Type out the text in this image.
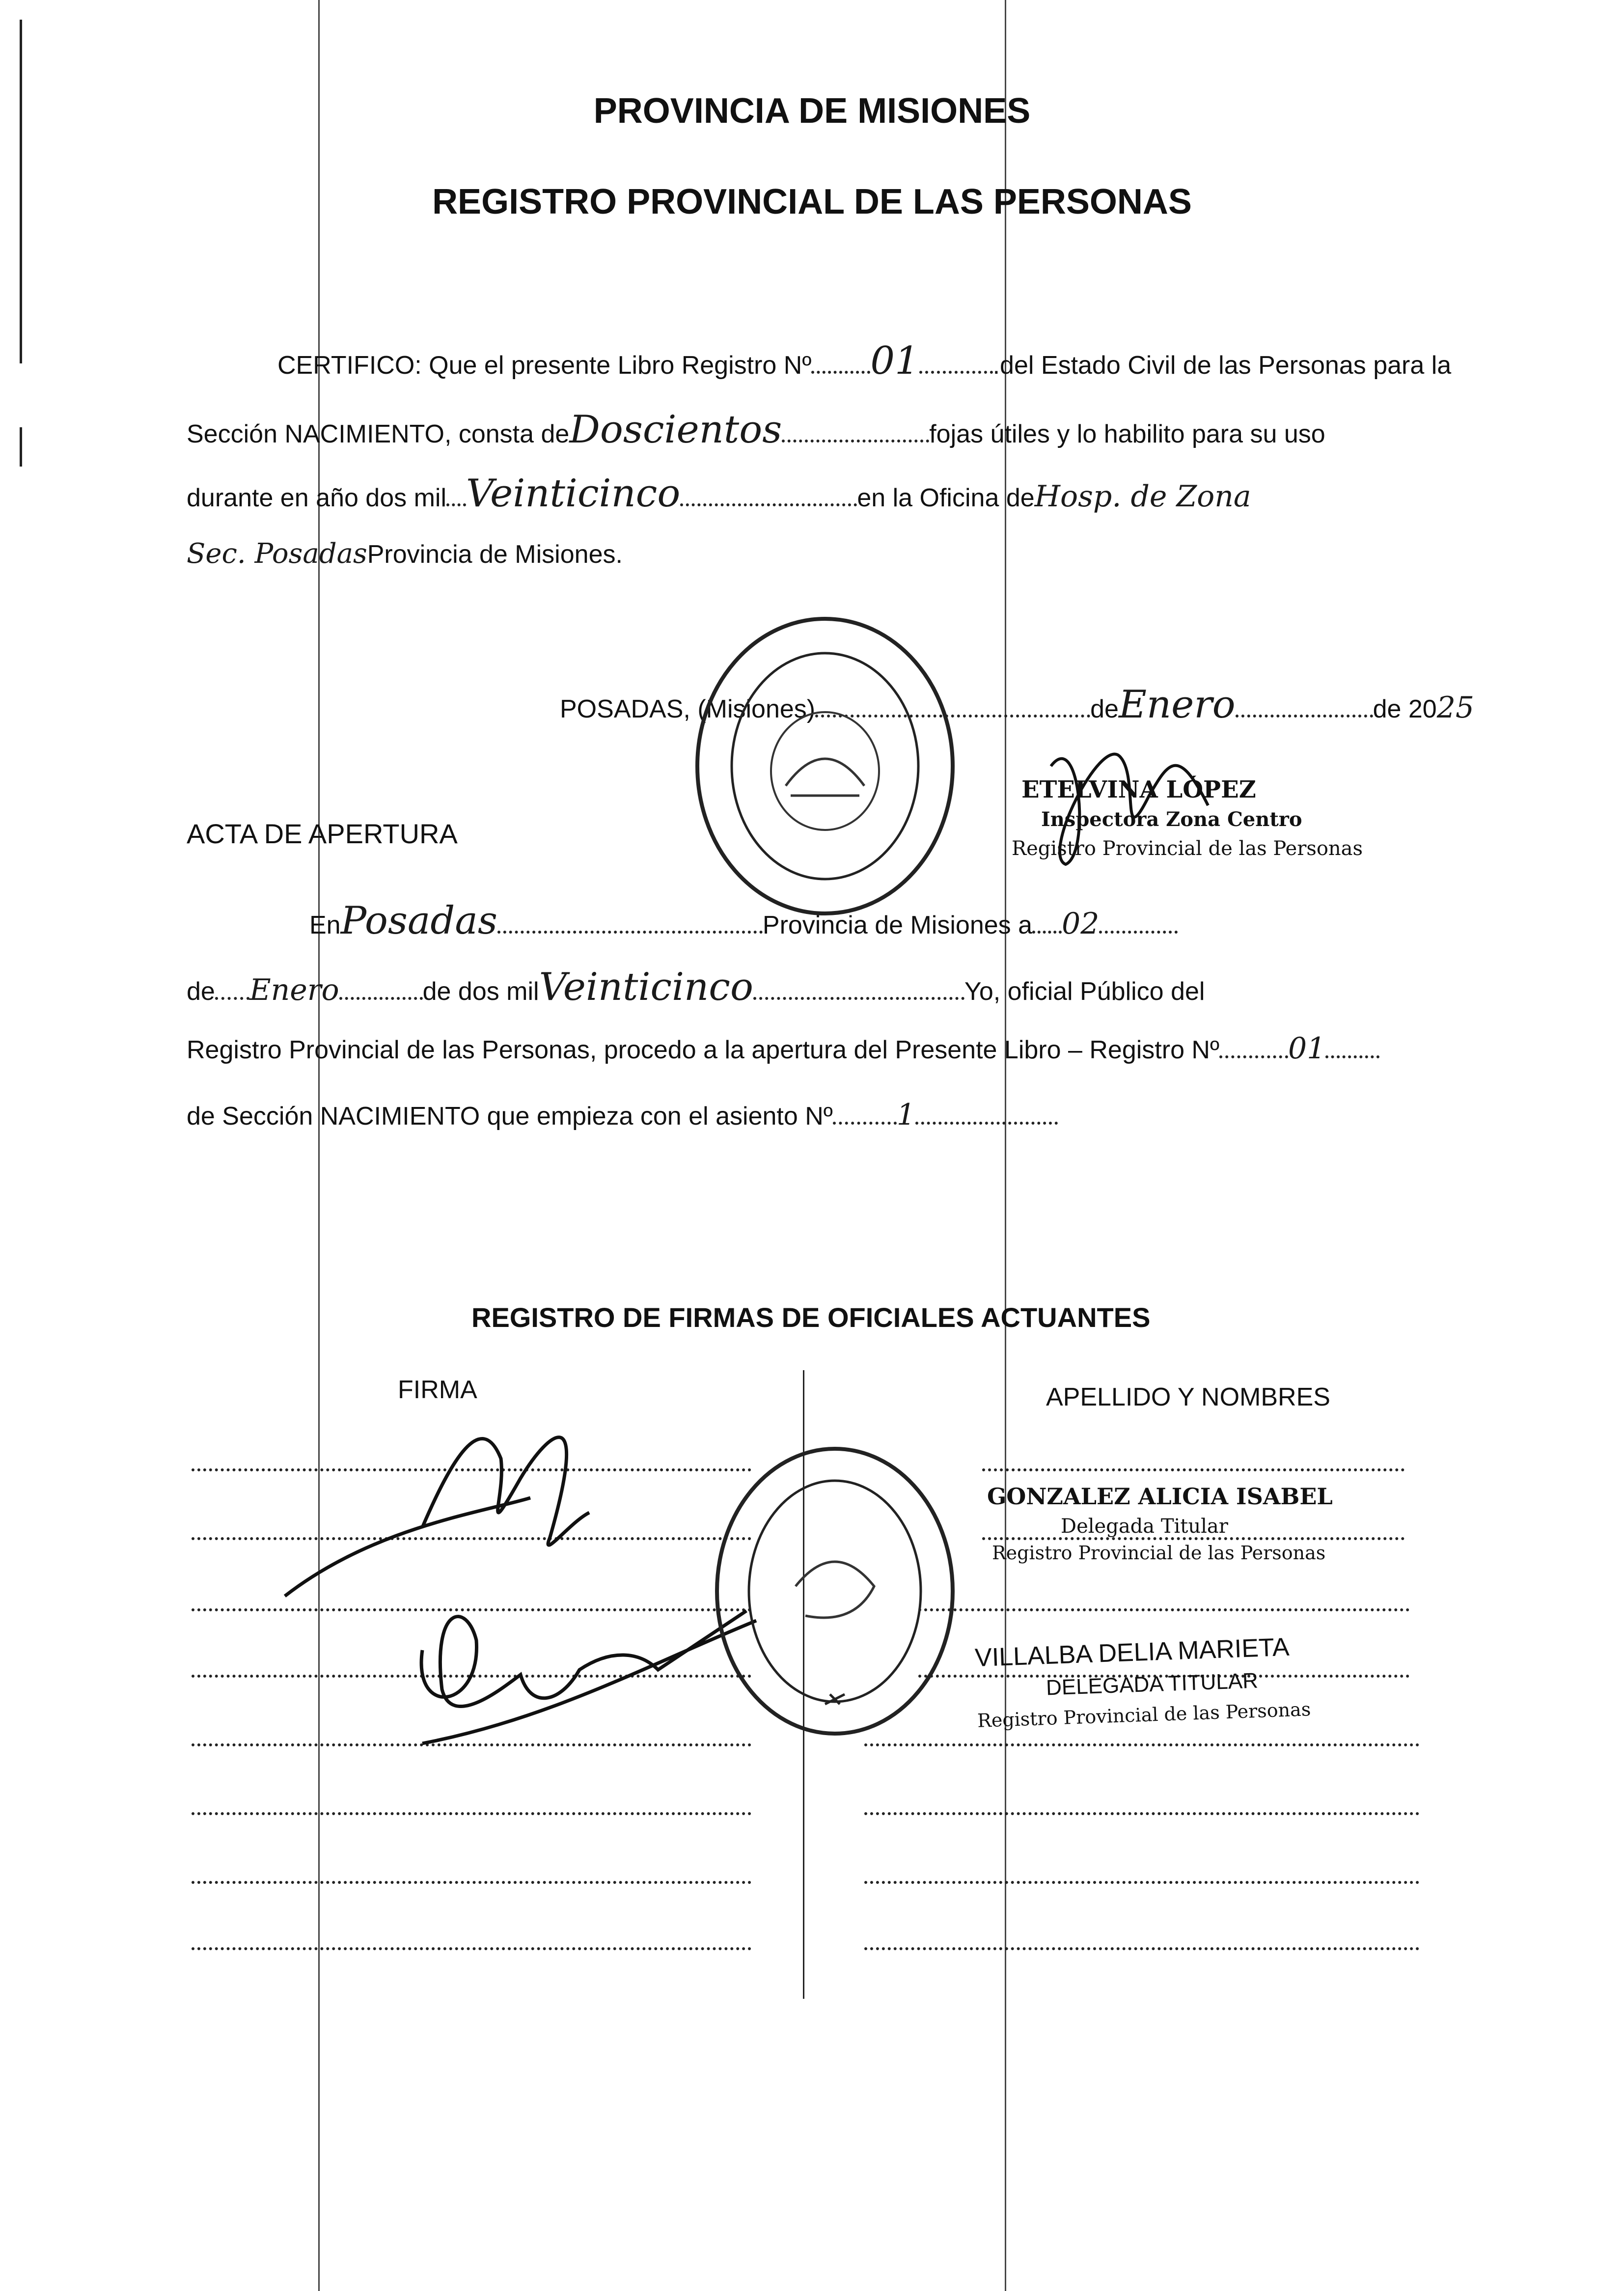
PROVINCIA DE MISIONES
REGISTRO PROVINCIAL DE LAS PERSONAS
CERTIFICO: Que el presente Libro Registro Nº 01	.del Estado Civil de las Personas para la
Sección NACIMIENTO, consta deDoscientos	fojas útiles y lo habilito para su uso
durante en año dos mil Veinticinco	en la Oficina deHosp. de Zona
Sec. PosadasProvincia de Misiones.
POSADAS, (Misiones)	deEnero	de 2025
ETELVINA LÓPEZ
Inspectora Zona Centro
Registro Provincial de las Personas
ACTA DE APERTURA
EnPosadas	Provincia de Misiones a 02
de Enero	de dos milVeinticinco	Yo, oficial Público del
Registro Provincial de las Personas, procedo a la apertura del Presente Libro – Registro Nº 01
de Sección NACIMIENTO que empieza con el asiento Nº 1
REGISTRO DE FIRMAS DE OFICIALES ACTUANTES
FIRMA	APELLIDO Y NOMBRES
GONZALEZ ALICIA ISABEL
Delegada Titular
Registro Provincial de las Personas
VILLALBA DELIA MARIETA
DELEGADA TITULAR
Registro Provincial de las Personas
